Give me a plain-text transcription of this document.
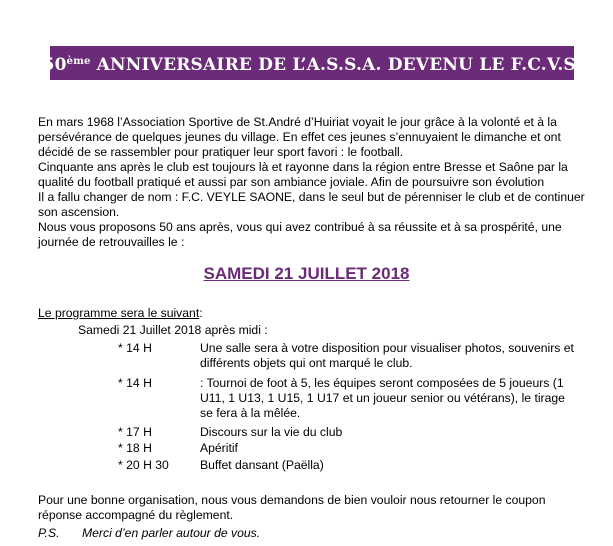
50ème ANNIVERSAIRE DE L’A.S.S.A. DEVENU LE F.C.V.S.
En mars 1968 l’Association Sportive de St.André d’Huiriat voyait le jour grâce à la volonté et à la
persévérance de quelques jeunes du village. En effet ces jeunes s’ennuyaient le dimanche et ont
décidé de se rassembler pour pratiquer leur sport favori : le football.
Cinquante ans après le club est toujours là et rayonne dans la région entre Bresse et Saône par la
qualité du football pratiqué et aussi par son ambiance joviale. Afin de poursuivre son évolution
Il a fallu changer de nom : F.C. VEYLE SAONE, dans le seul but de pérenniser le club et de continuer
son ascension.
Nous vous proposons 50 ans après, vous qui avez contribué à sa réussite et à sa prospérité, une
journée de retrouvailles le :
SAMEDI 21 JUILLET 2018
Le programme sera le suivant:
Samedi 21 Juillet 2018 après midi :
* 14 H	Une salle sera à votre disposition pour visualiser photos, souvenirs et
différents objets qui ont marqué le club.
* 14 H	: Tournoi de foot à 5, les équipes seront composées de 5 joueurs (1
U11, 1 U13, 1 U15, 1 U17 et un joueur senior ou vétérans), le tirage
se fera à la mêlée.
* 17 H	Discours sur la vie du club
* 18 H	Apéritif
* 20 H 30	Buffet dansant (Paëlla)
Pour une bonne organisation, nous vous demandons de bien vouloir nous retourner le coupon
réponse accompagné du règlement.
P.S. Merci d’en parler autour de vous.
